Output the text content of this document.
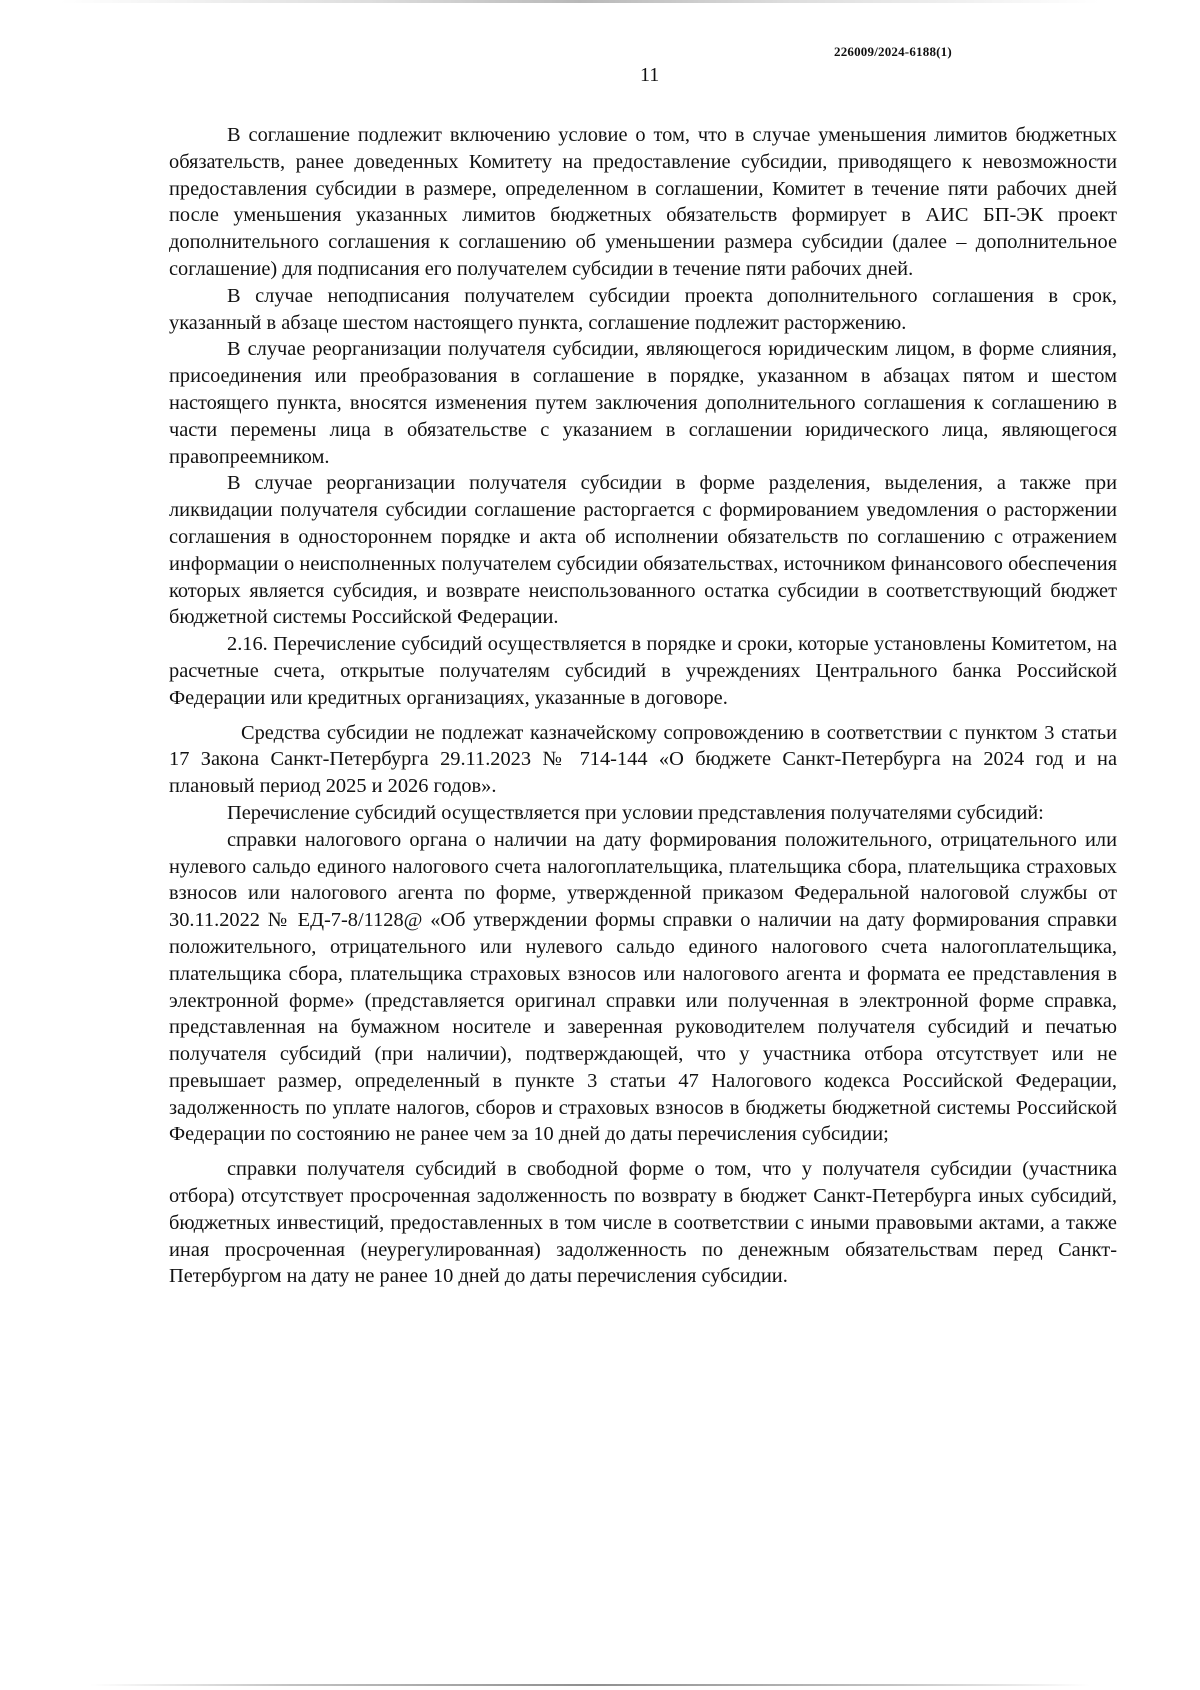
226009/2024-6188(1)
11

В соглашение подлежит включению условие о том, что в случае уменьшения лимитов бюджетных обязательств, ранее доведенных Комитету на предоставление субсидии, приводящего к невозможности предоставления субсидии в размере, определенном в соглашении, Комитет в течение пяти рабочих дней после уменьшения указанных лимитов бюджетных обязательств формирует в АИС БП-ЭК проект дополнительного соглашения к соглашению об уменьшении размера субсидии (далее – дополнительное соглашение) для подписания его получателем субсидии в течение пяти рабочих дней.

В случае неподписания получателем субсидии проекта дополнительного соглашения в срок, указанный в абзаце шестом настоящего пункта, соглашение подлежит расторжению.

В случае реорганизации получателя субсидии, являющегося юридическим лицом, в форме слияния, присоединения или преобразования в соглашение в порядке, указанном в абзацах пятом и шестом настоящего пункта, вносятся изменения путем заключения дополнительного соглашения к соглашению в части перемены лица в обязательстве с указанием в соглашении юридического лица, являющегося правопреемником.

В случае реорганизации получателя субсидии в форме разделения, выделения, а также при ликвидации получателя субсидии соглашение расторгается с формированием уведомления о расторжении соглашения в одностороннем порядке и акта об исполнении обязательств по соглашению с отражением информации о неисполненных получателем субсидии обязательствах, источником финансового обеспечения которых является субсидия, и возврате неиспользованного остатка субсидии в соответствующий бюджет бюджетной системы Российской Федерации.

2.16. Перечисление субсидий осуществляется в порядке и сроки, которые установлены Комитетом, на расчетные счета, открытые получателям субсидий в учреждениях Центрального банка Российской Федерации или кредитных организациях, указанные в договоре.

Средства субсидии не подлежат казначейскому сопровождению в соответствии с пунктом 3 статьи 17 Закона Санкт-Петербурга 29.11.2023 № 714-144 «О бюджете Санкт-Петербурга на 2024 год и на плановый период 2025 и 2026 годов».

Перечисление субсидий осуществляется при условии представления получателями субсидий:

справки налогового органа о наличии на дату формирования положительного, отрицательного или нулевого сальдо единого налогового счета налогоплательщика, плательщика сбора, плательщика страховых взносов или налогового агента по форме, утвержденной приказом Федеральной налоговой службы от 30.11.2022 № ЕД-7-8/1128@ «Об утверждении формы справки о наличии на дату формирования справки положительного, отрицательного или нулевого сальдо единого налогового счета налогоплательщика, плательщика сбора, плательщика страховых взносов или налогового агента и формата ее представления в электронной форме» (представляется оригинал справки или полученная в электронной форме справка, представленная на бумажном носителе и заверенная руководителем получателя субсидий и печатью получателя субсидий (при наличии), подтверждающей, что у участника отбора отсутствует или не превышает размер, определенный в пункте 3 статьи 47 Налогового кодекса Российской Федерации, задолженность по уплате налогов, сборов и страховых взносов в бюджеты бюджетной системы Российской Федерации по состоянию не ранее чем за 10 дней до даты перечисления субсидии;

справки получателя субсидий в свободной форме о том, что у получателя субсидии (участника отбора) отсутствует просроченная задолженность по возврату в бюджет Санкт-Петербурга иных субсидий, бюджетных инвестиций, предоставленных в том числе в соответствии с иными правовыми актами, а также иная просроченная (неурегулированная) задолженность по денежным обязательствам перед Санкт-Петербургом на дату не ранее 10 дней до даты перечисления субсидии.
